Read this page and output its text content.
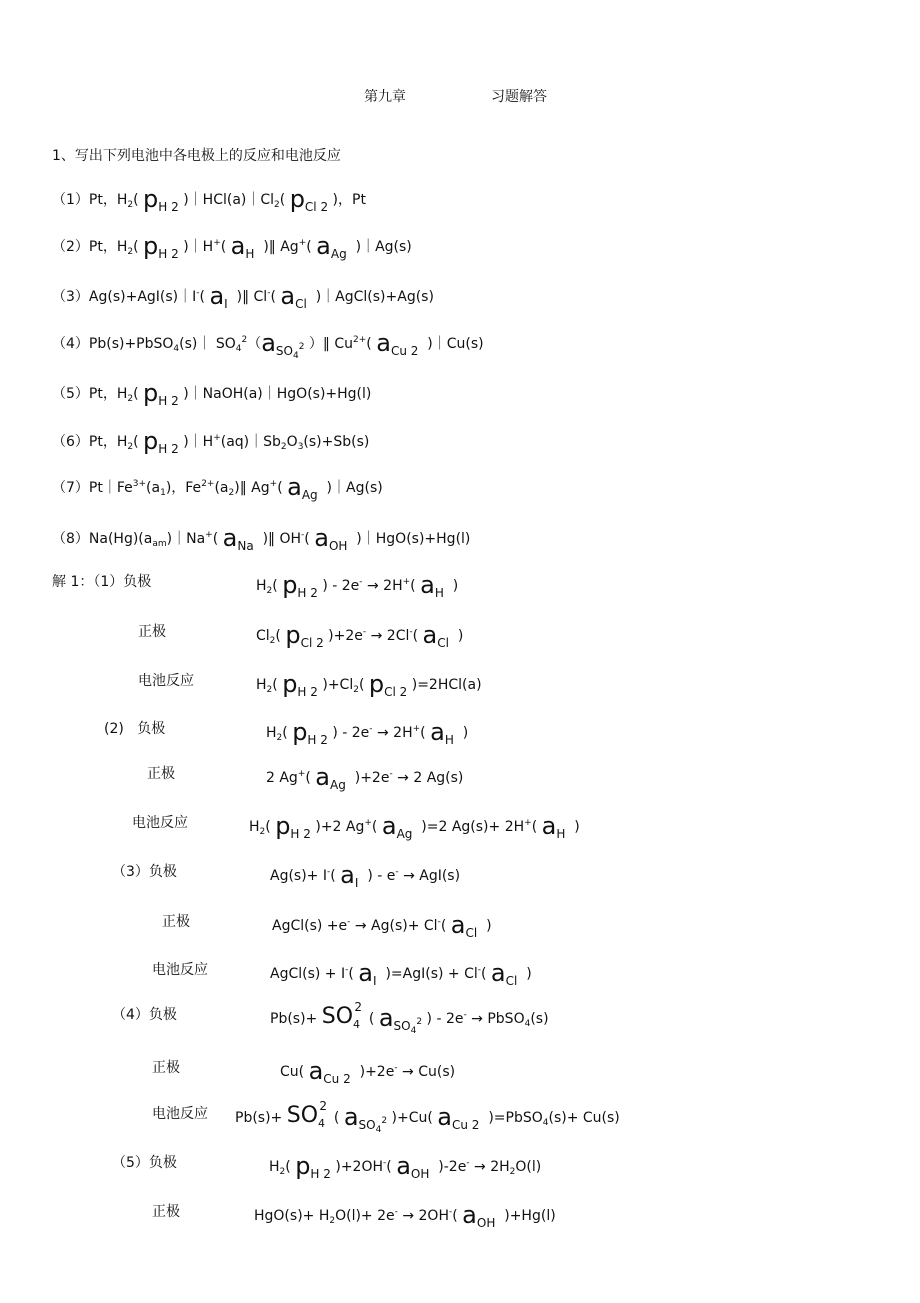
第九章	习题解答
1、写出下列电池中各电极上的反应和电池反应
（1）Pt，$H_2$( pH 2 )$|HCl(a)|Cl_2$( pCl 2 )，Pt
（2）Pt，$H_2$( pH 2 )｜H+( aH  )‖ Ag+( aAg  )｜Ag(s)
（3）Ag(s)+AgI(s)｜I-( aI  )‖ Cl-( aCl  )｜AgCl(s)+Ag(s)
（4）Pb(s)+PbSO$_4$(s)｜ $SO_4^2(aSO_4^2$ ）‖ $Cu^{2+}$( aCu 2  )｜Cu(s)
（5）Pt，$H_2$( pH 2 )｜NaOH(a)｜HgO(s)+Hg(l)
（6）Pt，$H_2$( pH 2 )$|H^+(aq)|Sb_2O_3(s)+Sb(s)$
$(7)Pt|Fe^{3+}(a_1)$，$Fe^{2+}(a_2)‖$ Ag+( aAg  )｜Ag(s)
$(8)Na(Hg)(a_{am})|Na^+$( aNa  )‖ OH-( aOH  )｜HgO(s)+Hg(l)
解 1：（1）负极	$H_2$( pH 2 ) - 2e- → 2H+( aH  )
正极	$Cl_2$( pCl 2 )+2e- → 2Cl-( aCl  )
电池反应	$H_2$( pH 2 )$+Cl_2$( pCl 2 )=2HCl(a)
(2) 负极	$H_2$( pH 2 ) - 2e- → 2H+( aH  )
正极	2 Ag+( aAg  )+2e- → 2 Ag(s)
电池反应	$H_2$( pH 2 )+2 Ag+( aAg  )=2 Ag(s)+ 2H+( aH  )
（3）负极	Ag(s)+ I-( aI  ) - e- → AgI(s)
正极	AgCl(s) +e- → Ag(s)+ Cl-( aCl  )
电池反应	AgCl(s) + I-( aI  )=AgI(s) + Cl-( aCl  )
（4）负极	$Pb(s)+ SO_4$
2
( aSO$_4^2$ ) - 2e- → PbSO$_4$(s)
正极	Cu( aCu 2  )+2e- → Cu(s)
电池反应 $Pb(s)+ SO_4$
2
( aSO$_4^2$ )+Cu( aCu 2  )=PbSO$_4$(s)+ Cu(s)
（5）负极	$H_2$( pH 2 )+2OH-( aOH  )$-2e^- \to 2H_2O(l)$
正极	$HgO(s)+ H_2O(l)+ 2e^- \to 2OH^-$( aOH  )+Hg(l)
